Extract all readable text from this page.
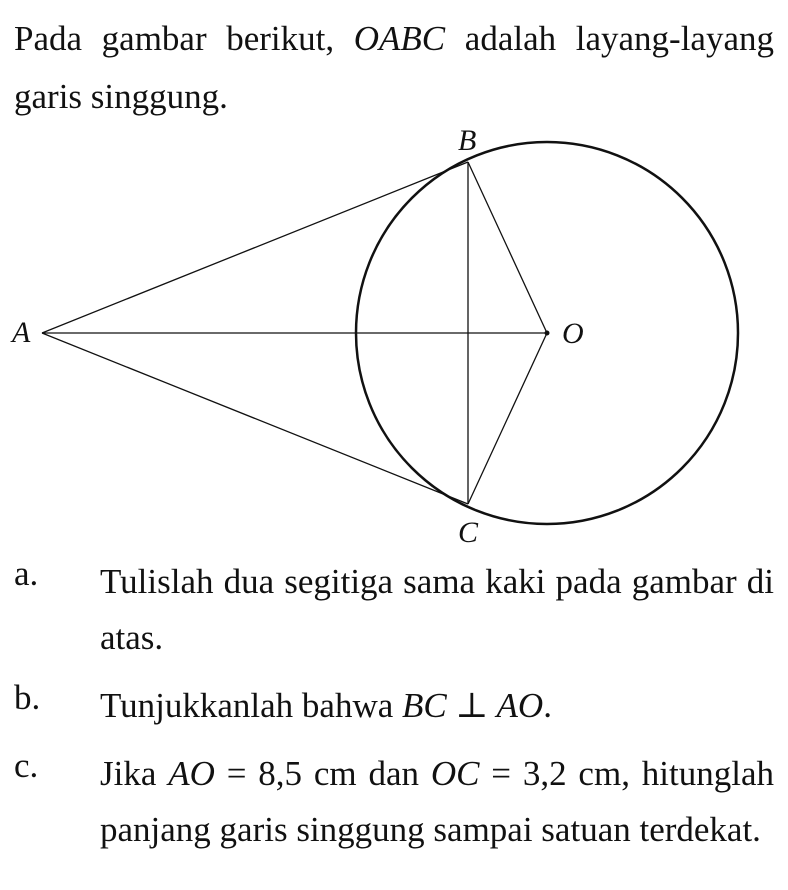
Pada gambar berikut, OABC adalah layang-layang garis singgung.
A
B
C
O
a.	Tulislah dua segitiga sama kaki pada gambar di atas.
b.	Tunjukkanlah bahwa BC ⊥ AO.
c.	Jika AO = 8,5 cm dan OC = 3,2 cm, hitunglah panjang garis singgung sampai satuan terdekat.
